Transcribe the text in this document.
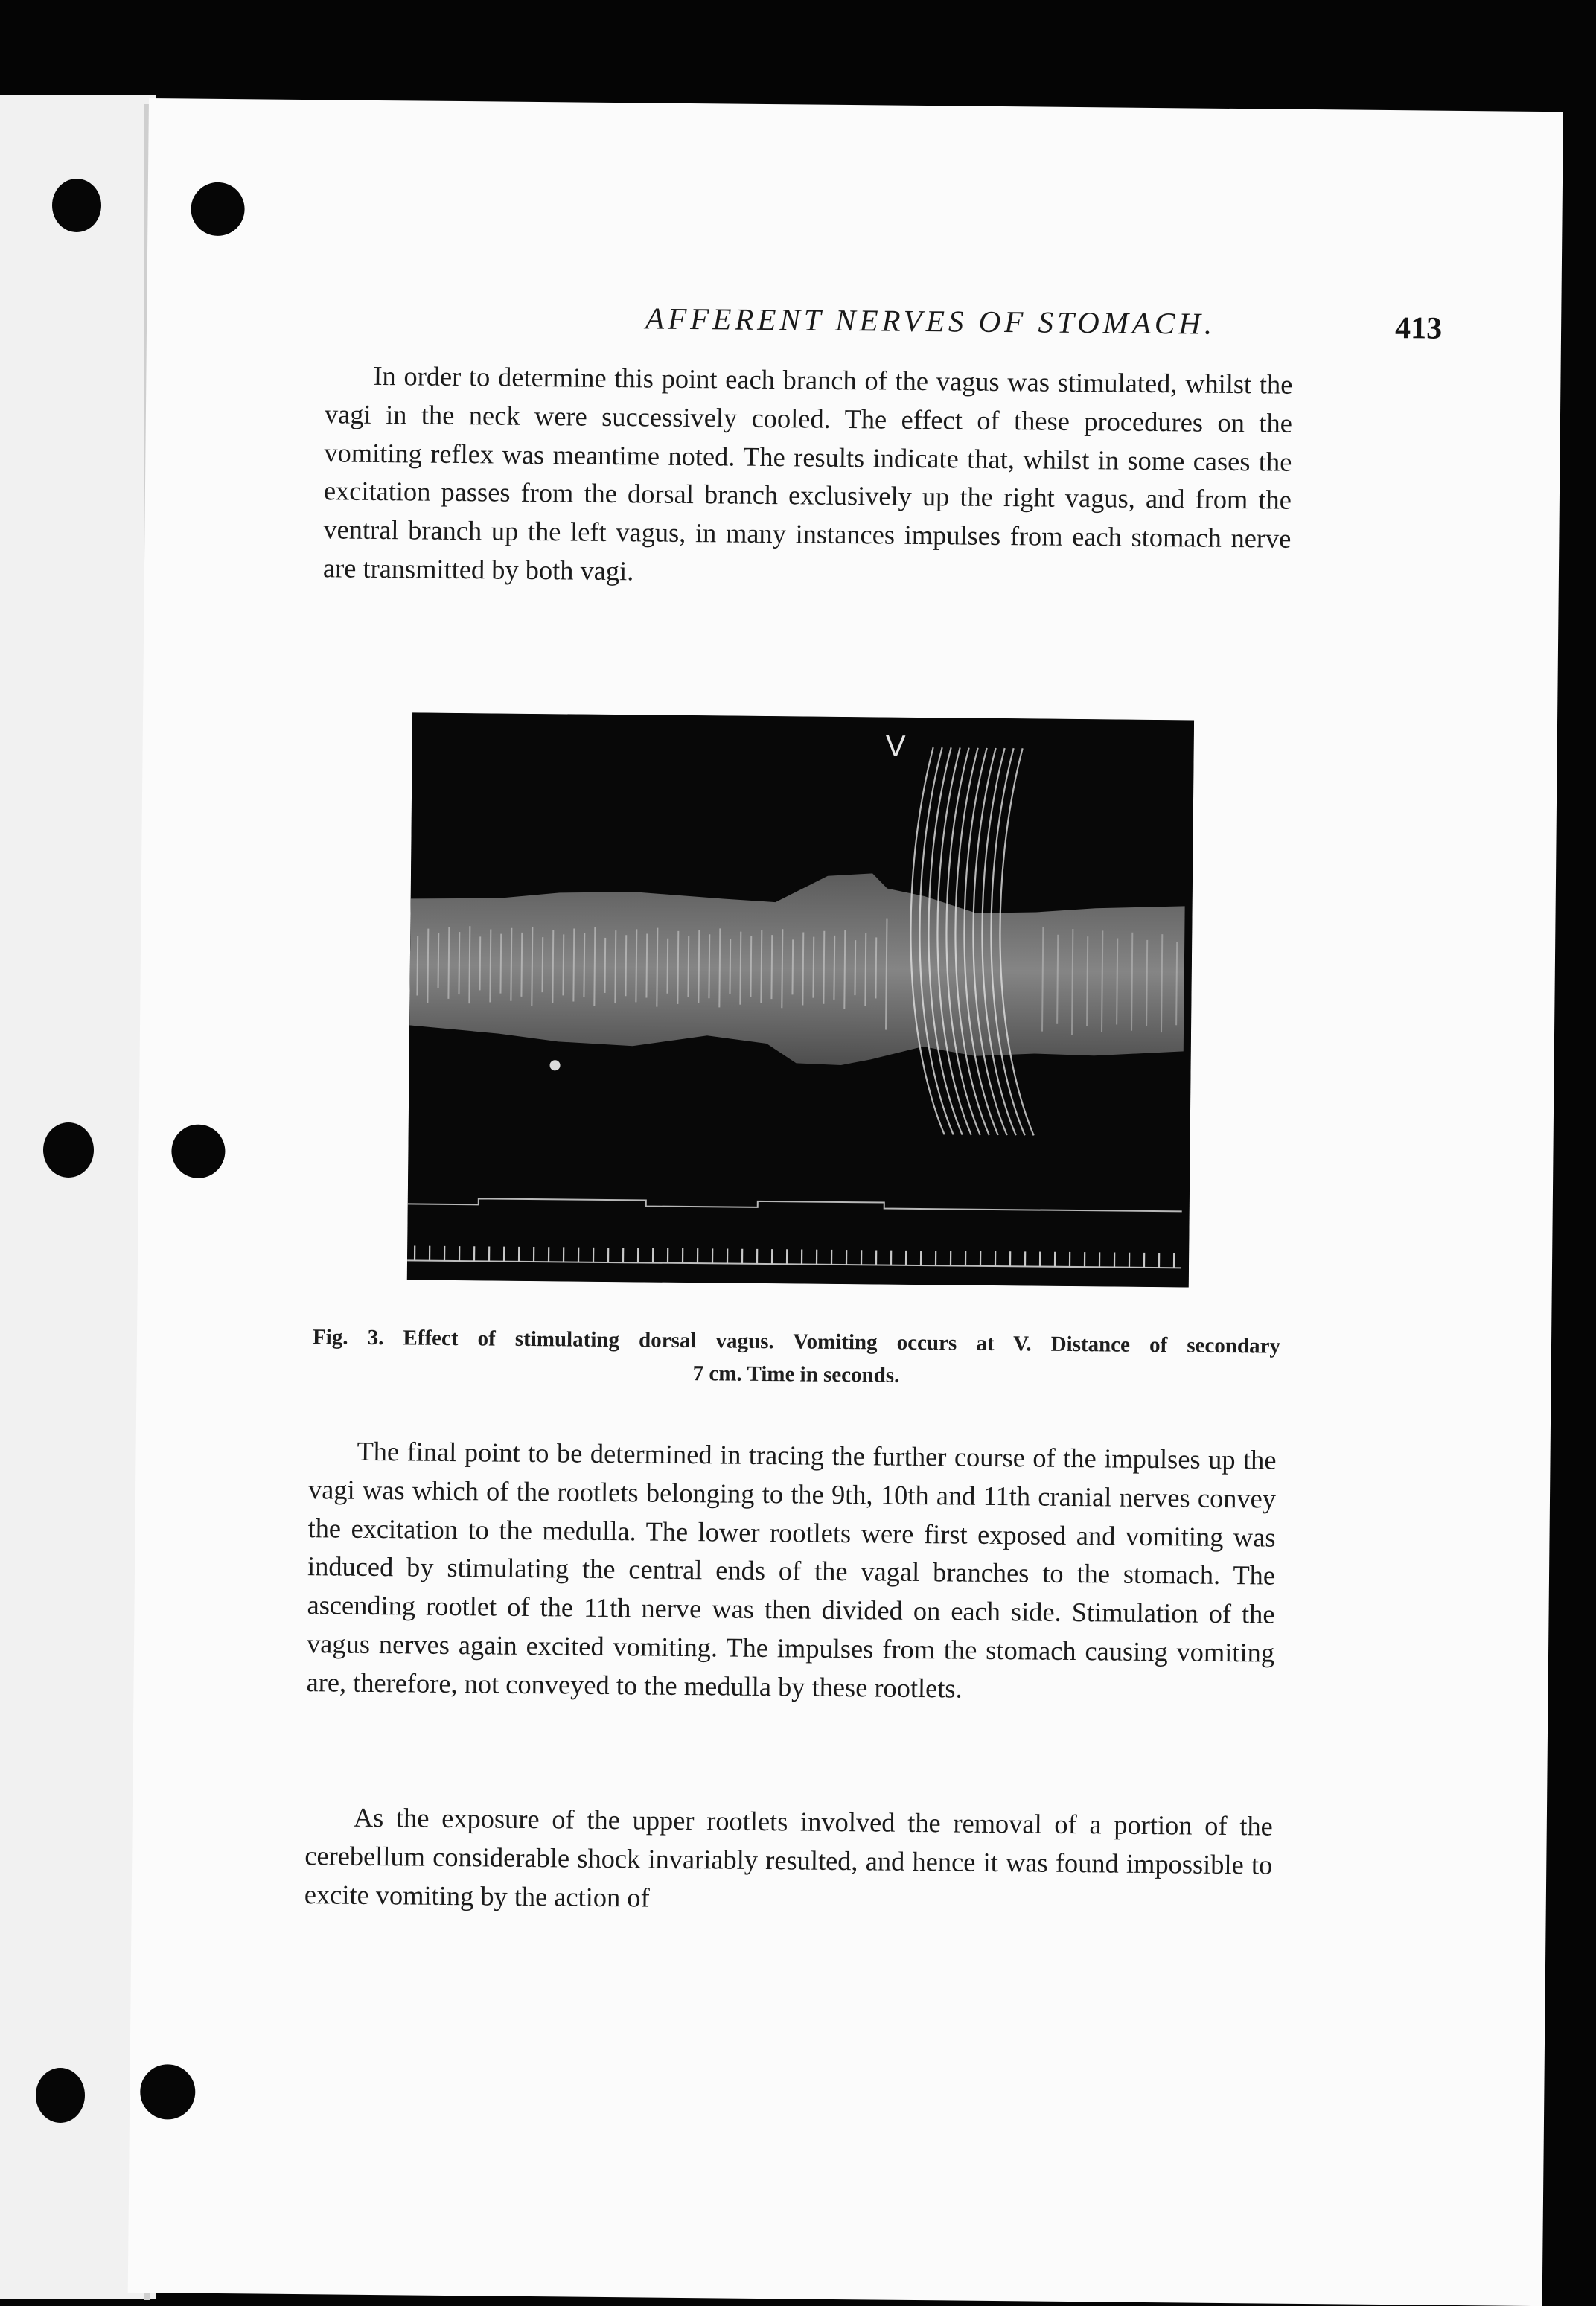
AFFERENT NERVES OF STOMACH.	413

In order to determine this point each branch of the vagus was stimulated, whilst the vagi in the neck were successively cooled. The effect of these procedures on the vomiting reflex was meantime noted. The results indicate that, whilst in some cases the excitation passes from the dorsal branch exclusively up the right vagus, and from the ventral branch up the left vagus, in many instances impulses from each stomach nerve are transmitted by both vagi.

V
Fig. 3. Effect of stimulating dorsal vagus. Vomiting occurs at V. Distance of secondary
7 cm. Time in seconds.

The final point to be determined in tracing the further course of the impulses up the vagi was which of the rootlets belonging to the 9th, 10th and 11th cranial nerves convey the excitation to the medulla. The lower rootlets were first exposed and vomiting was induced by stimulating the central ends of the vagal branches to the stomach. The ascending rootlet of the 11th nerve was then divided on each side. Stimulation of the vagus nerves again excited vomiting. The impulses from the stomach causing vomiting are, therefore, not conveyed to the medulla by these rootlets.

As the exposure of the upper rootlets involved the removal of a portion of the cerebellum considerable shock invariably resulted, and hence it was found impossible to excite vomiting by the action of
